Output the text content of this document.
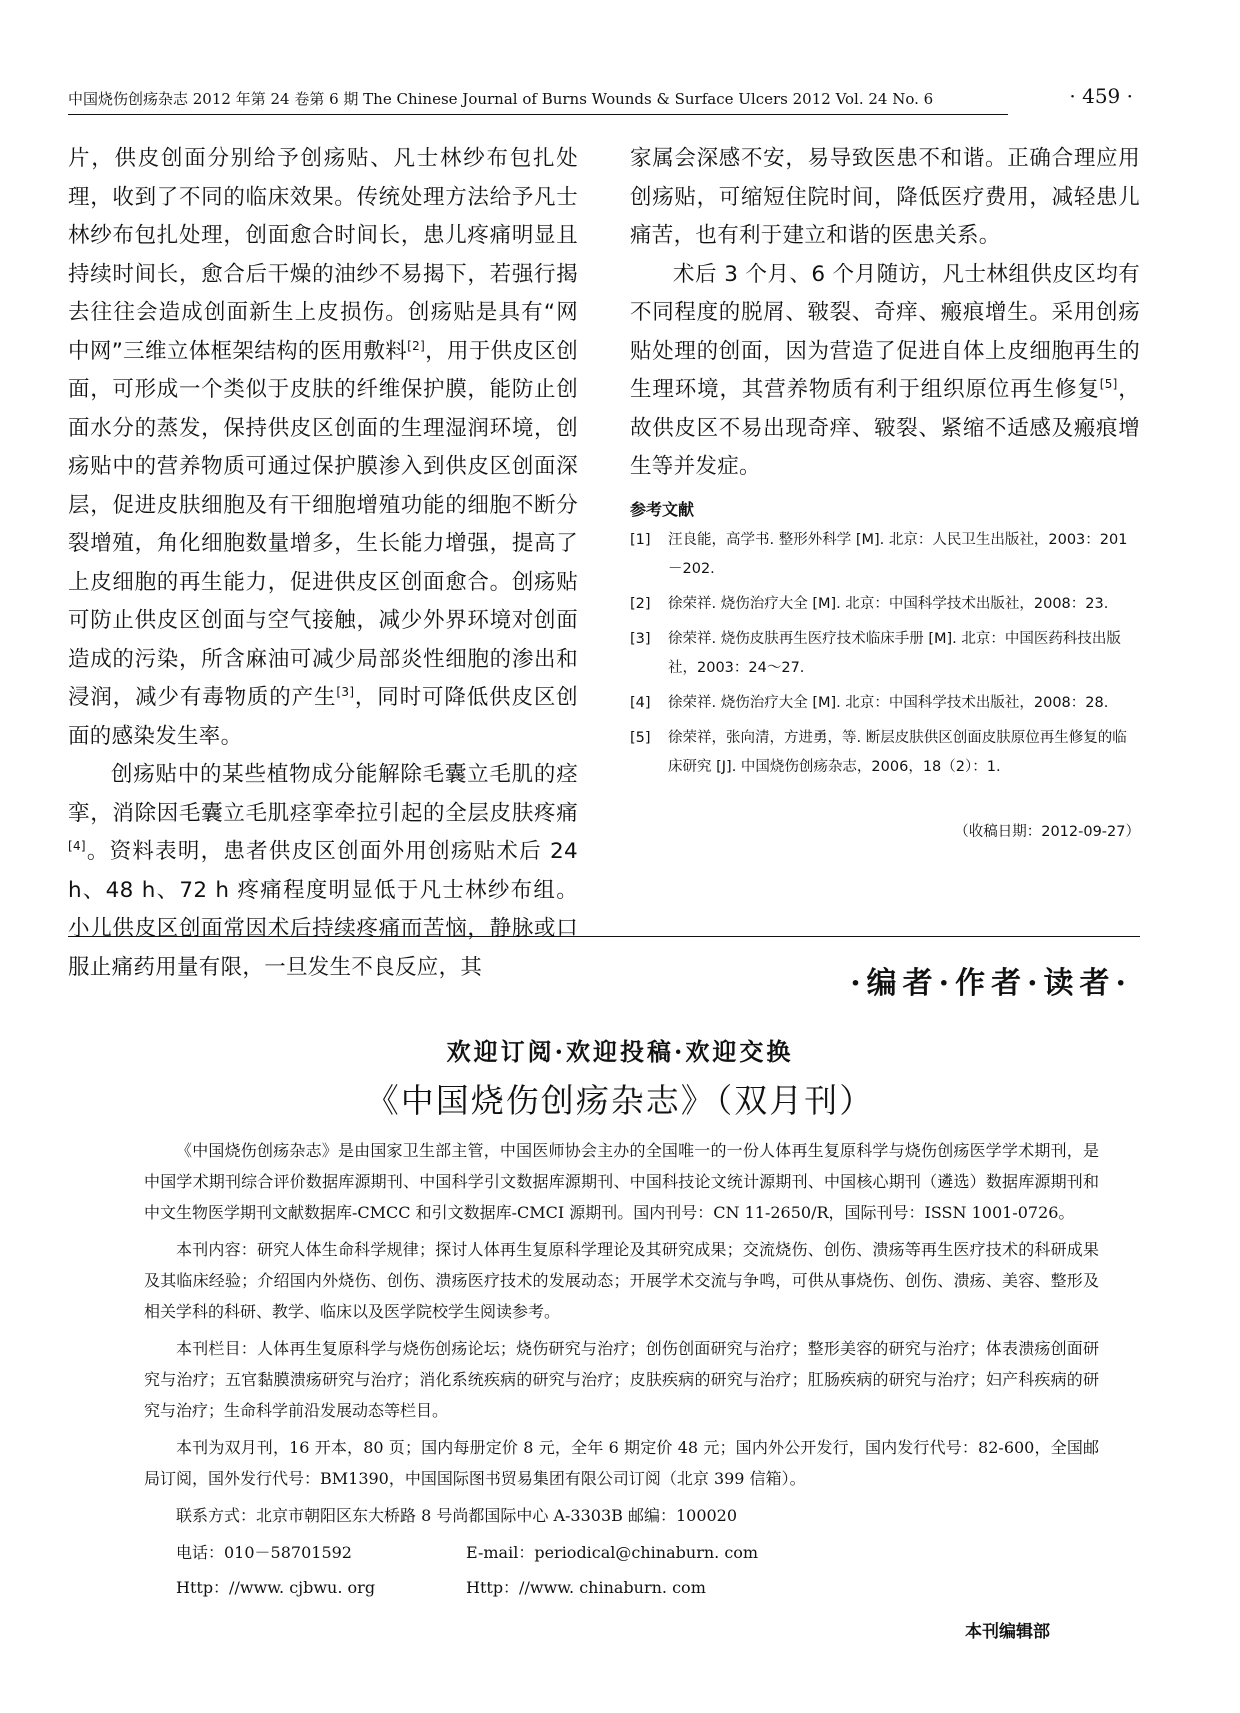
中国烧伤创疡杂志 2012 年第 24 卷第 6 期 The Chinese Journal of Burns Wounds & Surface Ulcers 2012 Vol. 24 No. 6	· 459 ·

片，供皮创面分别给予创疡贴、凡士林纱布包扎处理，收到了不同的临床效果。传统处理方法给予凡士林纱布包扎处理，创面愈合时间长，患儿疼痛明显且持续时间长，愈合后干燥的油纱不易揭下，若强行揭去往往会造成创面新生上皮损伤。创疡贴是具有“网中网”三维立体框架结构的医用敷料[2]，用于供皮区创面，可形成一个类似于皮肤的纤维保护膜，能防止创面水分的蒸发，保持供皮区创面的生理湿润环境，创疡贴中的营养物质可通过保护膜渗入到供皮区创面深层，促进皮肤细胞及有干细胞增殖功能的细胞不断分裂增殖，角化细胞数量增多，生长能力增强，提高了上皮细胞的再生能力，促进供皮区创面愈合。创疡贴可防止供皮区创面与空气接触，减少外界环境对创面造成的污染，所含麻油可减少局部炎性细胞的渗出和浸润，减少有毒物质的产生[3]，同时可降低供皮区创面的感染发生率。

创疡贴中的某些植物成分能解除毛囊立毛肌的痉挛，消除因毛囊立毛肌痉挛牵拉引起的全层皮肤疼痛[4]。资料表明，患者供皮区创面外用创疡贴术后 24 h、48 h、72 h 疼痛程度明显低于凡士林纱布组。小儿供皮区创面常因术后持续疼痛而苦恼，静脉或口服止痛药用量有限，一旦发生不良反应，其

家属会深感不安，易导致医患不和谐。正确合理应用创疡贴，可缩短住院时间，降低医疗费用，减轻患儿痛苦，也有利于建立和谐的医患关系。

术后 3 个月、6 个月随访，凡士林组供皮区均有不同程度的脱屑、皲裂、奇痒、瘢痕增生。采用创疡贴处理的创面，因为营造了促进自体上皮细胞再生的生理环境，其营养物质有利于组织原位再生修复[5]，故供皮区不易出现奇痒、皲裂、紧缩不适感及瘢痕增生等并发症。

参考文献

[1] 汪良能，高学书. 整形外科学 [M]. 北京：人民卫生出版社，2003：201－202.

[2] 徐荣祥. 烧伤治疗大全 [M]. 北京：中国科学技术出版社，2008：23.

[3] 徐荣祥. 烧伤皮肤再生医疗技术临床手册 [M]. 北京：中国医药科技出版社，2003：24～27.

[4] 徐荣祥. 烧伤治疗大全 [M]. 北京：中国科学技术出版社，2008：28.

[5] 徐荣祥，张向清，方进勇，等. 断层皮肤供区创面皮肤原位再生修复的临床研究 [J]. 中国烧伤创疡杂志，2006，18（2）：1.

（收稿日期：2012-09-27）
·编者·作者·读者·
欢迎订阅·欢迎投稿·欢迎交换
《中国烧伤创疡杂志》（双月刊）

《中国烧伤创疡杂志》是由国家卫生部主管，中国医师协会主办的全国唯一的一份人体再生复原科学与烧伤创疡医学学术期刊，是中国学术期刊综合评价数据库源期刊、中国科学引文数据库源期刊、中国科技论文统计源期刊、中国核心期刊（遴选）数据库源期刊和中文生物医学期刊文献数据库-CMCC 和引文数据库-CMCI 源期刊。国内刊号：CN 11-2650/R，国际刊号：ISSN 1001-0726。

本刊内容：研究人体生命科学规律；探讨人体再生复原科学理论及其研究成果；交流烧伤、创伤、溃疡等再生医疗技术的科研成果及其临床经验；介绍国内外烧伤、创伤、溃疡医疗技术的发展动态；开展学术交流与争鸣，可供从事烧伤、创伤、溃疡、美容、整形及相关学科的科研、教学、临床以及医学院校学生阅读参考。

本刊栏目：人体再生复原科学与烧伤创疡论坛；烧伤研究与治疗；创伤创面研究与治疗；整形美容的研究与治疗；体表溃疡创面研究与治疗；五官黏膜溃疡研究与治疗；消化系统疾病的研究与治疗；皮肤疾病的研究与治疗；肛肠疾病的研究与治疗；妇产科疾病的研究与治疗；生命科学前沿发展动态等栏目。

本刊为双月刊，16 开本，80 页；国内每册定价 8 元，全年 6 期定价 48 元；国内外公开发行，国内发行代号：82-600，全国邮局订阅，国外发行代号：BM1390，中国国际图书贸易集团有限公司订阅（北京 399 信箱）。

联系方式：北京市朝阳区东大桥路 8 号尚都国际中心 A-3303B 邮编：100020

电话：010－58701592	E-mail：periodical@chinaburn. com
Http：//www. cjbwu. org	Http：//www. chinaburn. com
本刊编辑部
